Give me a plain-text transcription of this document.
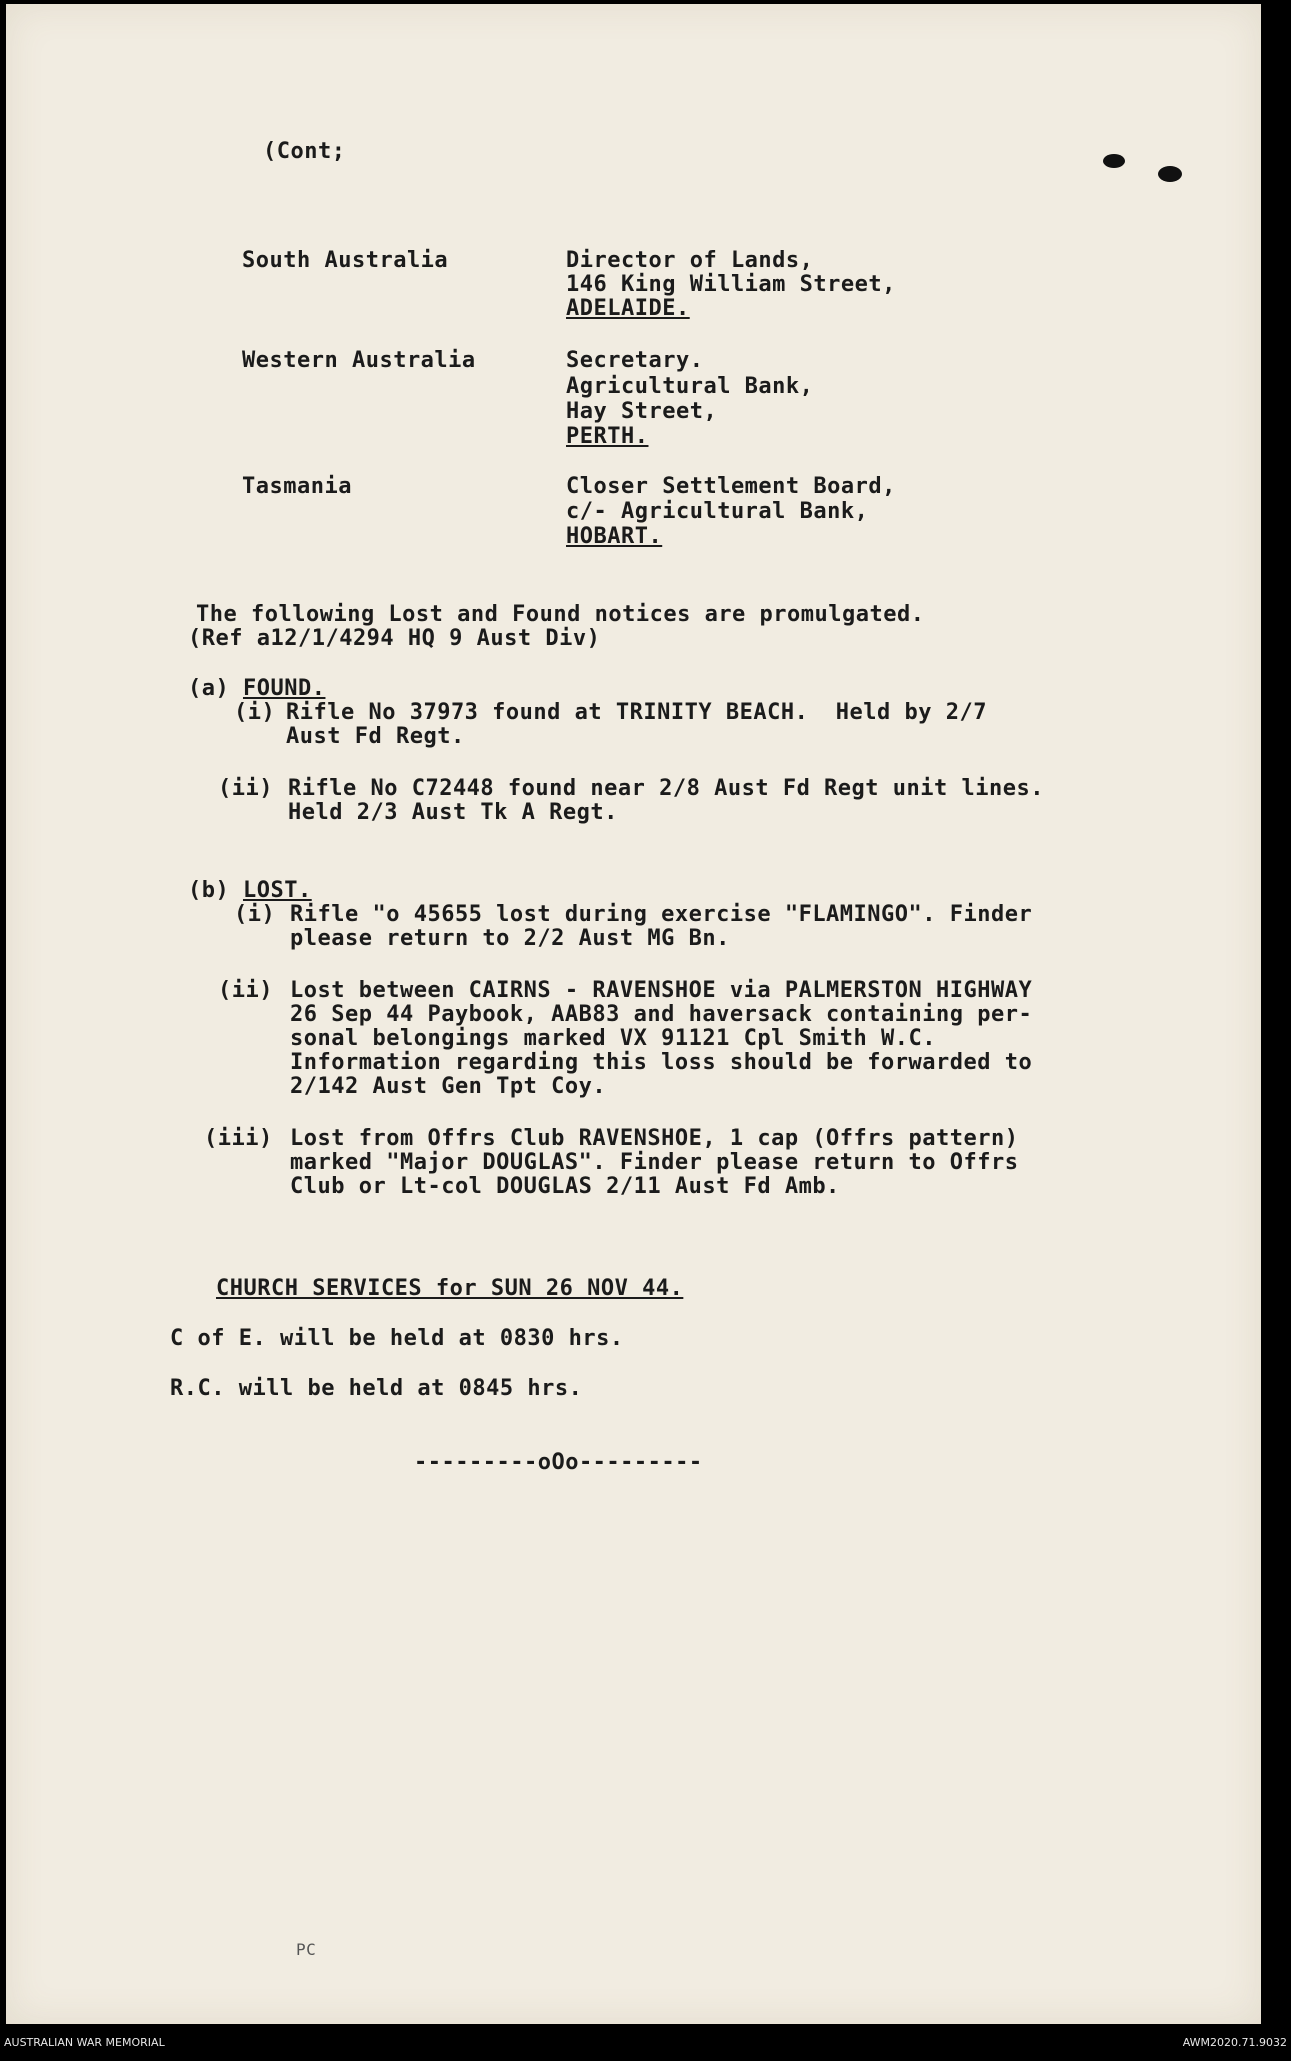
(Cont;
South Australia	Director of Lands,
146 King William Street,
ADELAIDE.
Western Australia	Secretary.
Agricultural Bank,
Hay Street,
PERTH.
Tasmania	Closer Settlement Board,
c/- Agricultural Bank,
HOBART.
The following Lost and Found notices are promulgated.
(Ref a12/1/4294 HQ 9 Aust Div)
(a) FOUND.
(i) Rifle No 37973 found at TRINITY BEACH.  Held by 2/7
Aust Fd Regt.
(ii) Rifle No C72448 found near 2/8 Aust Fd Regt unit lines.
Held 2/3 Aust Tk A Regt.
(b) LOST.
(i) Rifle "o 45655 lost during exercise "FLAMINGO". Finder
please return to 2/2 Aust MG Bn.
(ii) Lost between CAIRNS - RAVENSHOE via PALMERSTON HIGHWAY
26 Sep 44 Paybook, AAB83 and haversack containing per-
sonal belongings marked VX 91121 Cpl Smith W.C.
Information regarding this loss should be forwarded to
2/142 Aust Gen Tpt Coy.
(iii) Lost from Offrs Club RAVENSHOE, 1 cap (Offrs pattern)
marked "Major DOUGLAS". Finder please return to Offrs
Club or Lt-col DOUGLAS 2/11 Aust Fd Amb.
CHURCH SERVICES for SUN 26 NOV 44.
C of E. will be held at 0830 hrs.
R.C. will be held at 0845 hrs.
---------oOo---------
PC
AUSTRALIAN WAR MEMORIAL	AWM2020.71.9032
